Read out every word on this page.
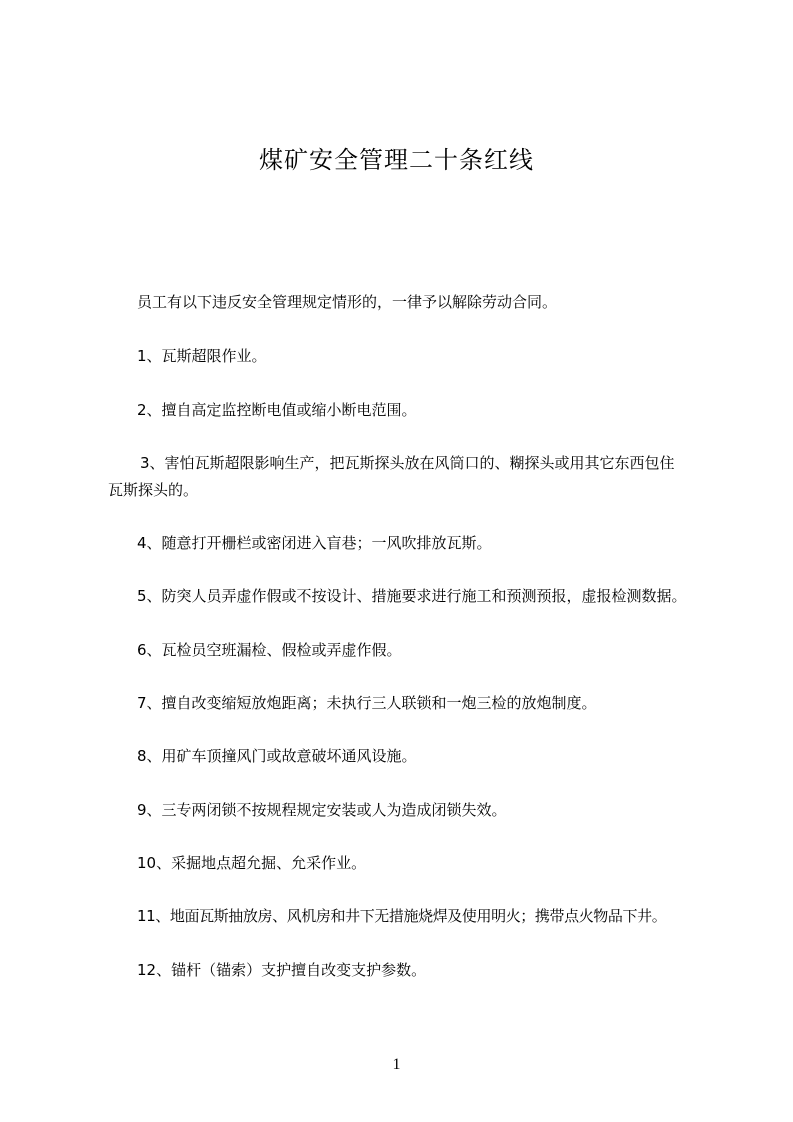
煤矿安全管理二十条红线
员工有以下违反安全管理规定情形的，一律予以解除劳动合同。
1、瓦斯超限作业。
2、擅自高定监控断电值或缩小断电范围。
3、害怕瓦斯超限影响生产，把瓦斯探头放在风筒口的、糊探头或用其它东西包住
瓦斯探头的。
4、随意打开栅栏或密闭进入盲巷；一风吹排放瓦斯。
5、防突人员弄虚作假或不按设计、措施要求进行施工和预测预报，虚报检测数据。
6、瓦检员空班漏检、假检或弄虚作假。
7、擅自改变缩短放炮距离；未执行三人联锁和一炮三检的放炮制度。
8、用矿车顶撞风门或故意破坏通风设施。
9、三专两闭锁不按规程规定安装或人为造成闭锁失效。
10、采掘地点超允掘、允采作业。
11、地面瓦斯抽放房、风机房和井下无措施烧焊及使用明火；携带点火物品下井。
12、锚杆（锚索）支护擅自改变支护参数。
1
